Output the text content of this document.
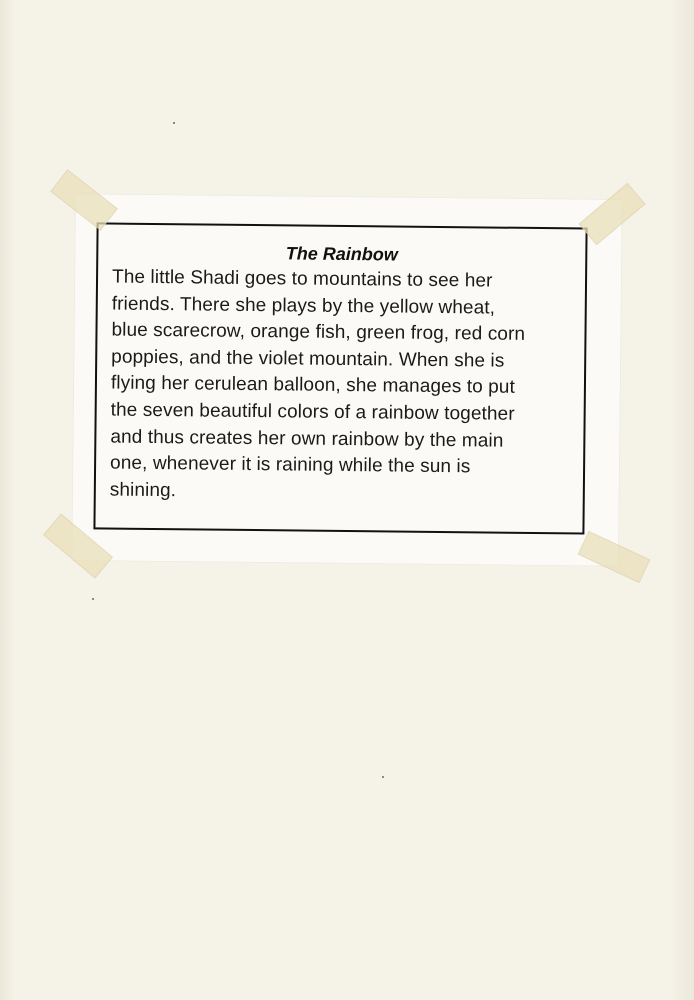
The Rainbow
The little Shadi goes to mountains to see her
friends. There she plays by the yellow wheat,
blue scarecrow, orange fish, green frog, red corn
poppies, and the violet mountain. When she is
flying her cerulean balloon, she manages to put
the seven beautiful colors of a rainbow together
and thus creates her own rainbow by the main
one, whenever it is raining while the sun is
shining.
